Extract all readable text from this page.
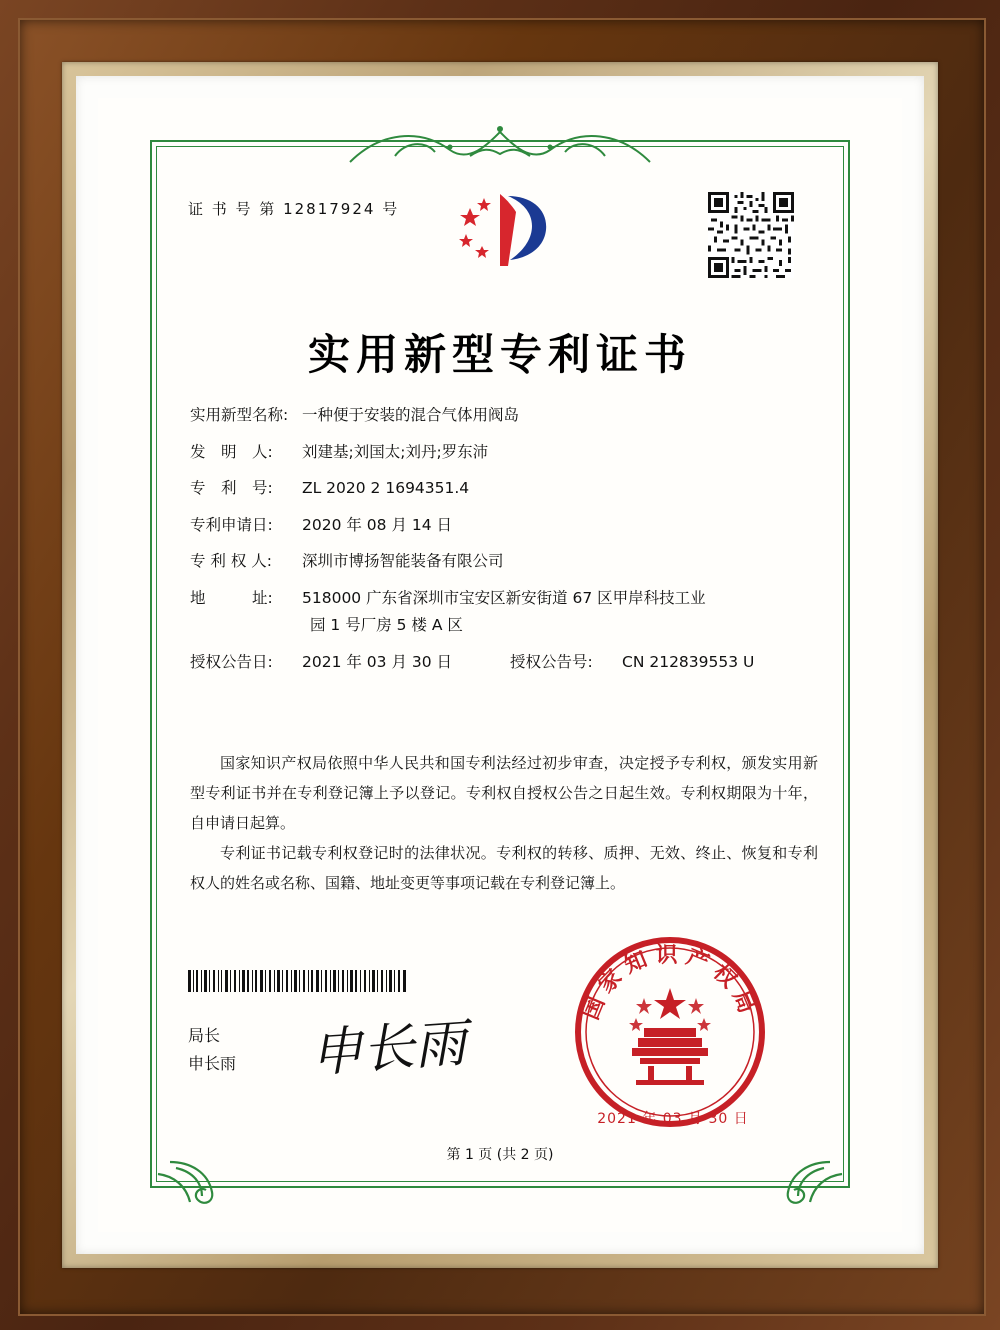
证 书 号 第 12817924 号
实用新型专利证书
实用新型名称: 一种便于安装的混合气体用阀岛
发　明　人:	刘建基;刘国太;刘丹;罗东沛
专　利　号:	ZL 2020 2 1694351.4
专利申请日:	2020 年 08 月 14 日
专 利 权 人:	深圳市博扬智能装备有限公司
地　　　址:	518000 广东省深圳市宝安区新安街道 67 区甲岸科技工业
园 1 号厂房 5 楼 A 区
授权公告日:	2021 年 03 月 30 日	授权公告号:	CN 212839553 U

国家知识产权局依照中华人民共和国专利法经过初步审查，决定授予专利权，颁发实用新型专利证书并在专利登记簿上予以登记。专利权自授权公告之日起生效。专利权期限为十年，自申请日起算。

专利证书记载专利权登记时的法律状况。专利权的转移、质押、无效、终止、恢复和专利权人的姓名或名称、国籍、地址变更等事项记载在专利登记簿上。

局长
申长雨 申长雨
国家知识产权局
2021 年 03 月 30 日
第 1 页 (共 2 页)
